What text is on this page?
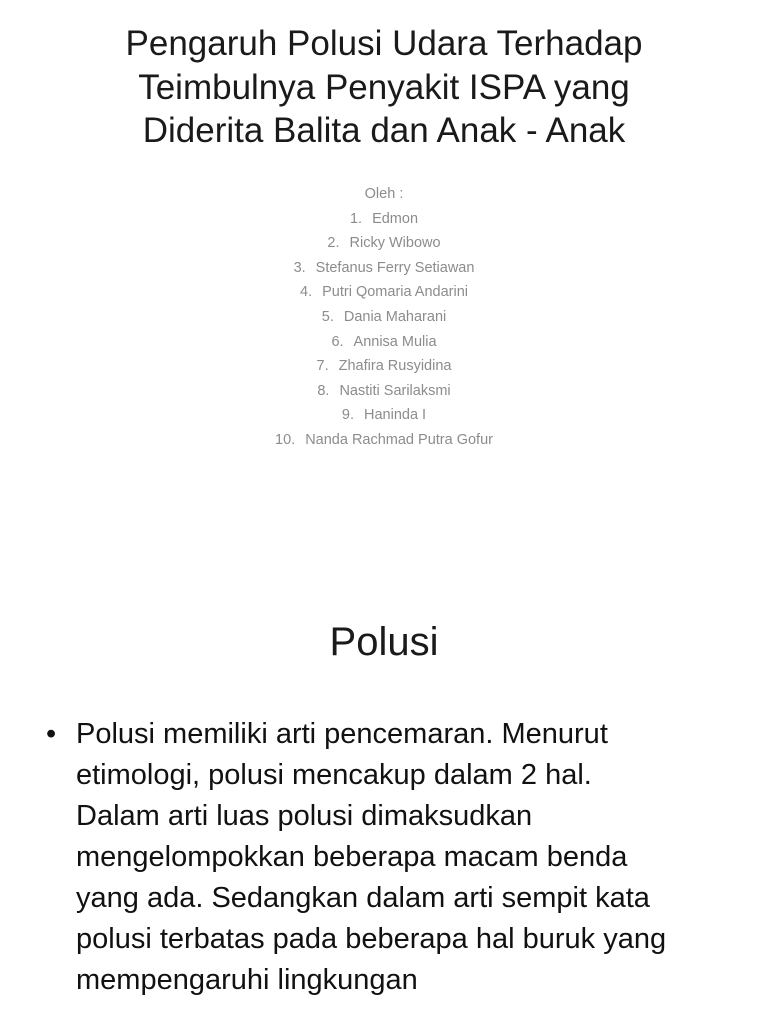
Pengaruh Polusi Udara Terhadap
Teimbulnya Penyakit ISPA yang
Diderita Balita dan Anak - Anak
Oleh :
1. Edmon
2. Ricky Wibowo
3. Stefanus Ferry Setiawan
4. Putri Qomaria Andarini
5. Dania Maharani
6. Annisa Mulia
7. Zhafira Rusyidina
8. Nastiti Sarilaksmi
9. Haninda I
10. Nanda Rachmad Putra Gofur
Polusi
• Polusi memiliki arti pencemaran. Menurut
etimologi, polusi mencakup dalam 2 hal.
Dalam arti luas polusi dimaksudkan
mengelompokkan beberapa macam benda
yang ada. Sedangkan dalam arti sempit kata
polusi terbatas pada beberapa hal buruk yang
mempengaruhi lingkungan
